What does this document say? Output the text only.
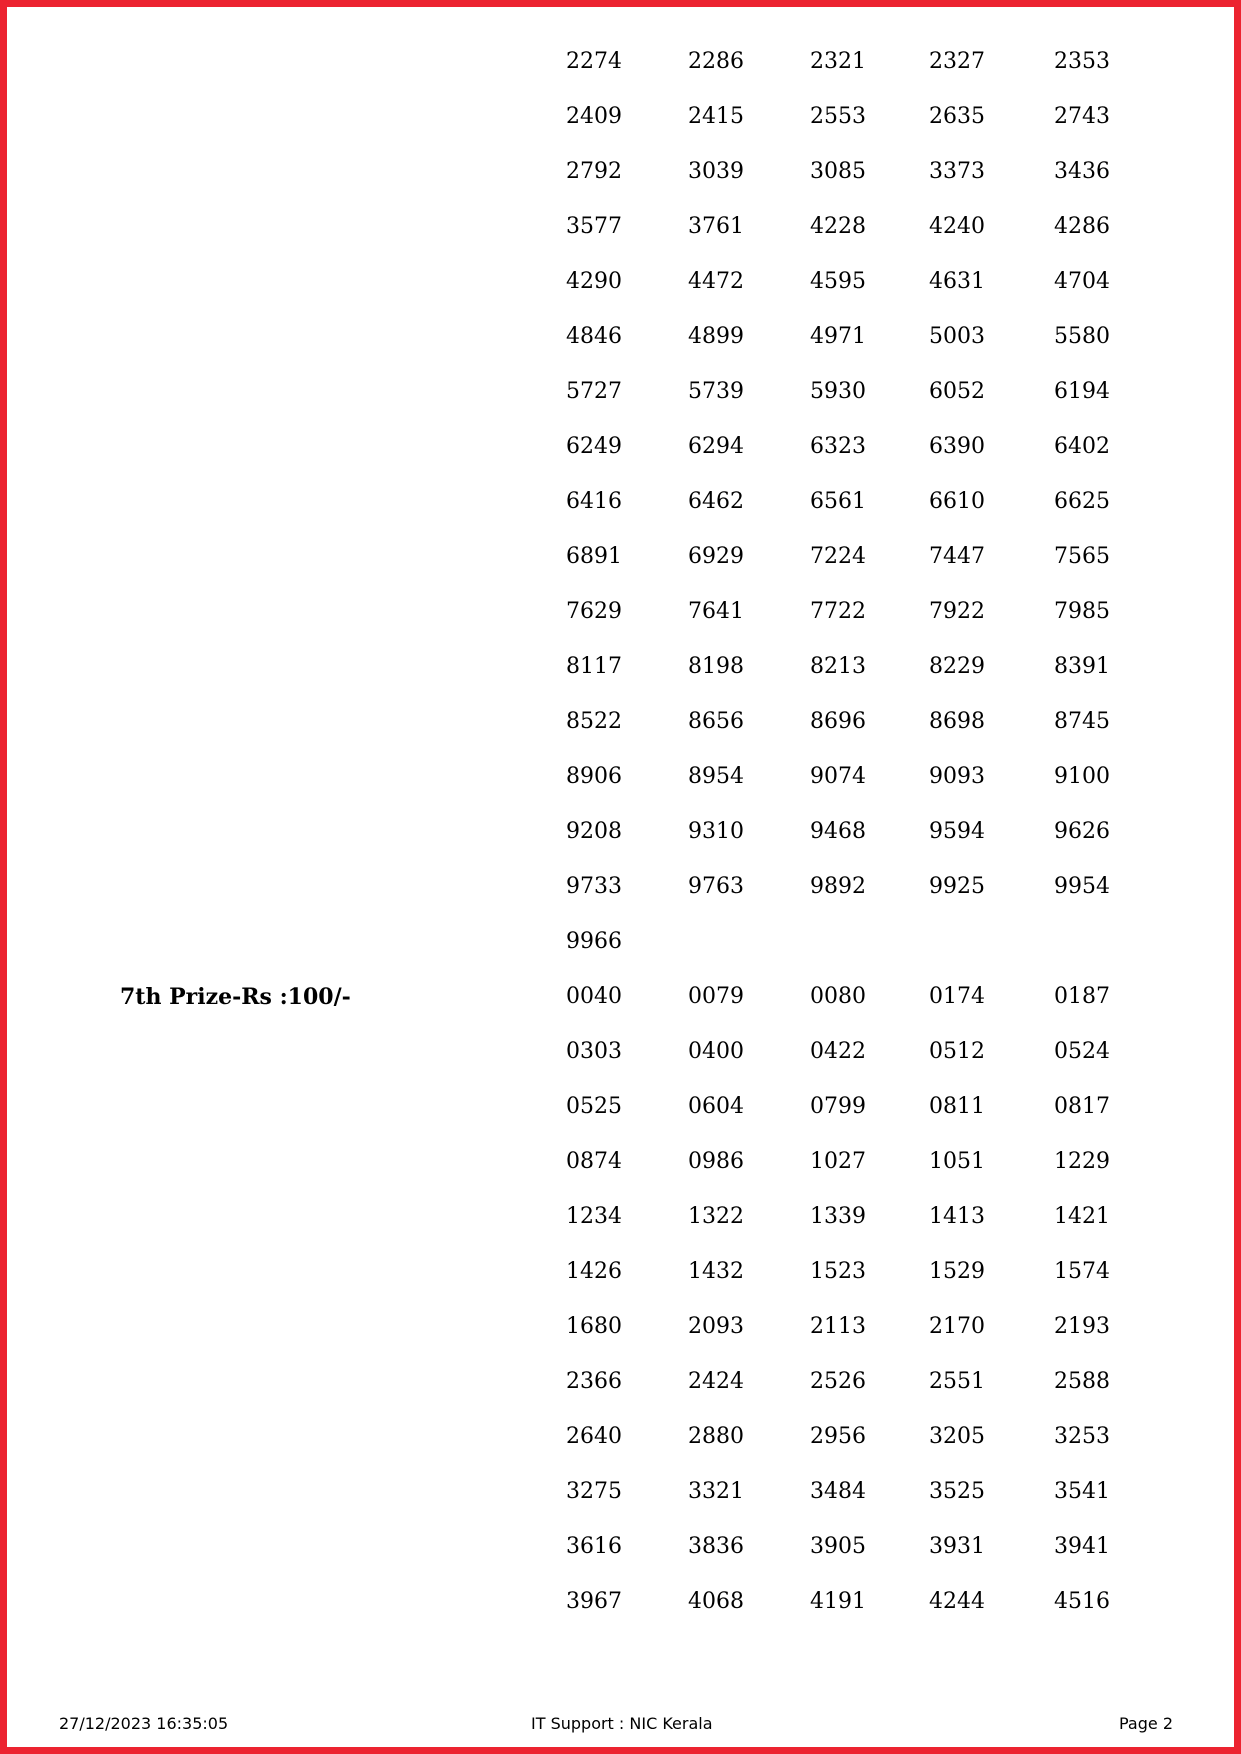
2274	2286	2321	2327	2353
2409	2415	2553	2635	2743
2792	3039	3085	3373	3436
3577	3761	4228	4240	4286
4290	4472	4595	4631	4704
4846	4899	4971	5003	5580
5727	5739	5930	6052	6194
6249	6294	6323	6390	6402
6416	6462	6561	6610	6625
6891	6929	7224	7447	7565
7629	7641	7722	7922	7985
8117	8198	8213	8229	8391
8522	8656	8696	8698	8745
8906	8954	9074	9093	9100
9208	9310	9468	9594	9626
9733	9763	9892	9925	9954
9966
7th Prize-Rs :100/-	0040	0079	0080	0174	0187
0303	0400	0422	0512	0524
0525	0604	0799	0811	0817
0874	0986	1027	1051	1229
1234	1322	1339	1413	1421
1426	1432	1523	1529	1574
1680	2093	2113	2170	2193
2366	2424	2526	2551	2588
2640	2880	2956	3205	3253
3275	3321	3484	3525	3541
3616	3836	3905	3931	3941
3967	4068	4191	4244	4516
27/12/2023 16:35:05	IT Support : NIC Kerala	Page 2
